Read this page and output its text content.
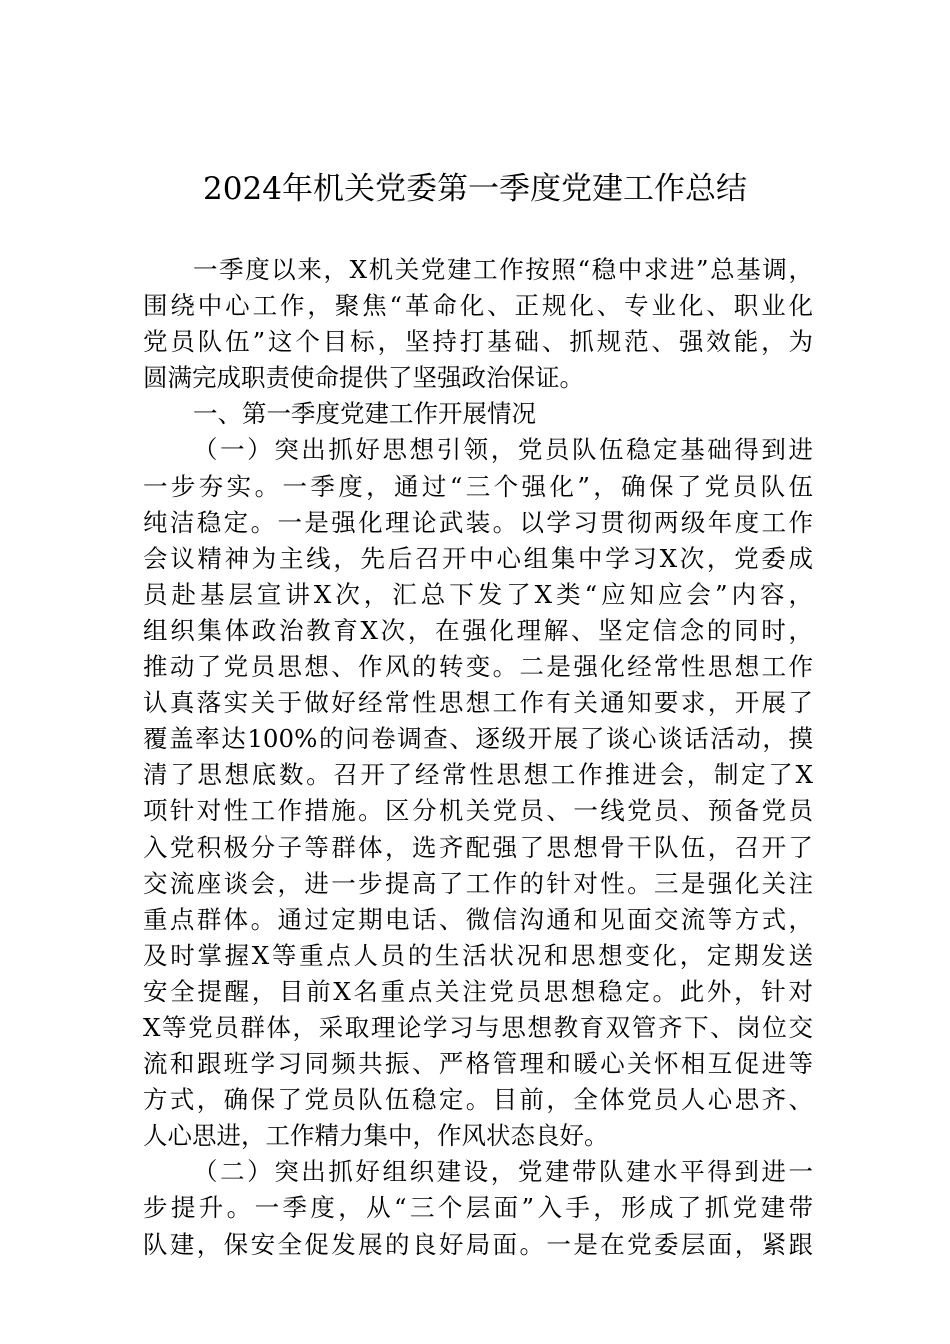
2024年机关党委第一季度党建工作总结
一季度以来，X机关党建工作按照“稳中求进”总基调，
围绕中心工作，聚焦“革命化、正规化、专业化、职业化
党员队伍”这个目标，坚持打基础、抓规范、强效能，为
圆满完成职责使命提供了坚强政治保证。
一、第一季度党建工作开展情况
（一）突出抓好思想引领，党员队伍稳定基础得到进
一步夯实。一季度，通过“三个强化”，确保了党员队伍
纯洁稳定。一是强化理论武装。以学习贯彻两级年度工作
会议精神为主线，先后召开中心组集中学习X次，党委成
员赴基层宣讲X次，汇总下发了X类“应知应会”内容，
组织集体政治教育X次，在强化理解、坚定信念的同时，
推动了党员思想、作风的转变。二是强化经常性思想工作
认真落实关于做好经常性思想工作有关通知要求，开展了
覆盖率达100%的问卷调查、逐级开展了谈心谈话活动，摸
清了思想底数。召开了经常性思想工作推进会，制定了X
项针对性工作措施。区分机关党员、一线党员、预备党员
入党积极分子等群体，选齐配强了思想骨干队伍，召开了
交流座谈会，进一步提高了工作的针对性。三是强化关注
重点群体。通过定期电话、微信沟通和见面交流等方式，
及时掌握X等重点人员的生活状况和思想变化，定期发送
安全提醒，目前X名重点关注党员思想稳定。此外，针对
X等党员群体，采取理论学习与思想教育双管齐下、岗位交
流和跟班学习同频共振、严格管理和暖心关怀相互促进等
方式，确保了党员队伍稳定。目前，全体党员人心思齐、
人心思进，工作精力集中，作风状态良好。
（二）突出抓好组织建设，党建带队建水平得到进一
步提升。一季度，从“三个层面”入手，形成了抓党建带
队建，保安全促发展的良好局面。一是在党委层面，紧跟
